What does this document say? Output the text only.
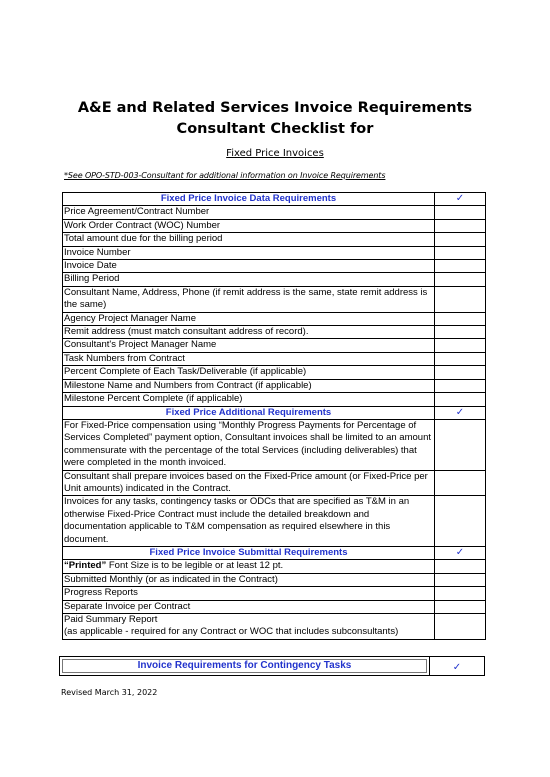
A&E and Related Services Invoice Requirements Consultant Checklist for
Fixed Price Invoices
*See OPO-STD-003-Consultant for additional information on Invoice Requirements
Fixed Price Invoice Data Requirements	✓
Price Agreement/Contract Number	
Work Order Contract (WOC) Number	
Total amount due for the billing period	
Invoice Number	
Invoice Date	
Billing Period	
Consultant Name, Address, Phone (if remit address is the same, state remit address is the same)	
Agency Project Manager Name	
Remit address (must match consultant address of record).	
Consultant's Project Manager Name	
Task Numbers from Contract	
Percent Complete of Each Task/Deliverable (if applicable)	
Milestone Name and Numbers from Contract (if applicable)	
Milestone Percent Complete (if applicable)	
Fixed Price Additional Requirements	✓
For Fixed-Price compensation using “Monthly Progress Payments for Percentage of Services Completed” payment option, Consultant invoices shall be limited to an amount commensurate with the percentage of the total Services (including deliverables) that were completed in the month invoiced.	
Consultant shall prepare invoices based on the Fixed-Price amount (or Fixed-Price per Unit amounts) indicated in the Contract.	
Invoices for any tasks, contingency tasks or ODCs that are specified as T&M in an otherwise Fixed-Price Contract must include the detailed breakdown and documentation applicable to T&M compensation as required elsewhere in this document.	
Fixed Price Invoice Submittal Requirements	✓
“Printed” Font Size is to be legible or at least 12 pt.	
Submitted Monthly (or as indicated in the Contract)	
Progress Reports	
Separate Invoice per Contract	
Paid Summary Report
(as applicable - required for any Contract or WOC that includes subconsultants)	
Invoice Requirements for Contingency Tasks	✓
Revised March 31, 2022
